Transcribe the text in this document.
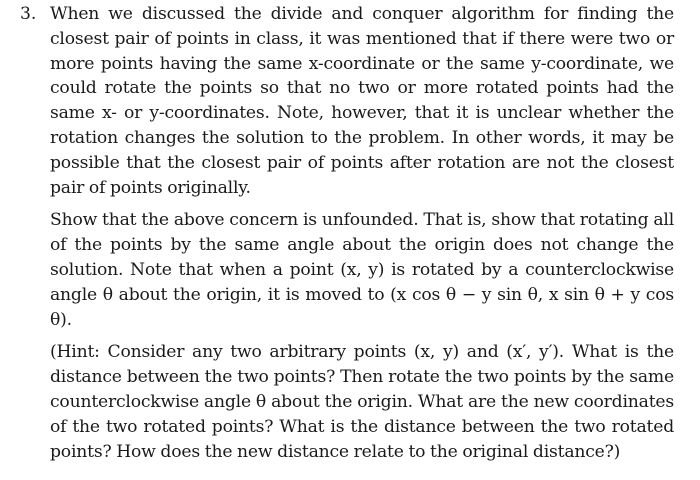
3. When we discussed the divide and conquer algorithm for finding the closest pair of points in class, it was mentioned that if there were two or more points having the same x-coordinate or the same y-coordinate, we could rotate the points so that no two or more rotated points had the same x- or y-coordinates. Note, however, that it is unclear whether the rotation changes the solution to the problem. In other words, it may be possible that the closest pair of points after rotation are not the closest pair of points originally.

Show that the above concern is unfounded. That is, show that rotating all of the points by the same angle about the origin does not change the solution. Note that when a point (x, y) is rotated by a counterclockwise angle θ about the origin, it is moved to (x cos θ − y sin θ, x sin θ + y cos θ).

(Hint: Consider any two arbitrary points (x, y) and (x′, y′). What is the distance between the two points? Then rotate the two points by the same counterclockwise angle θ about the origin. What are the new coordinates of the two rotated points? What is the distance between the two rotated points? How does the new distance relate to the original distance?)
